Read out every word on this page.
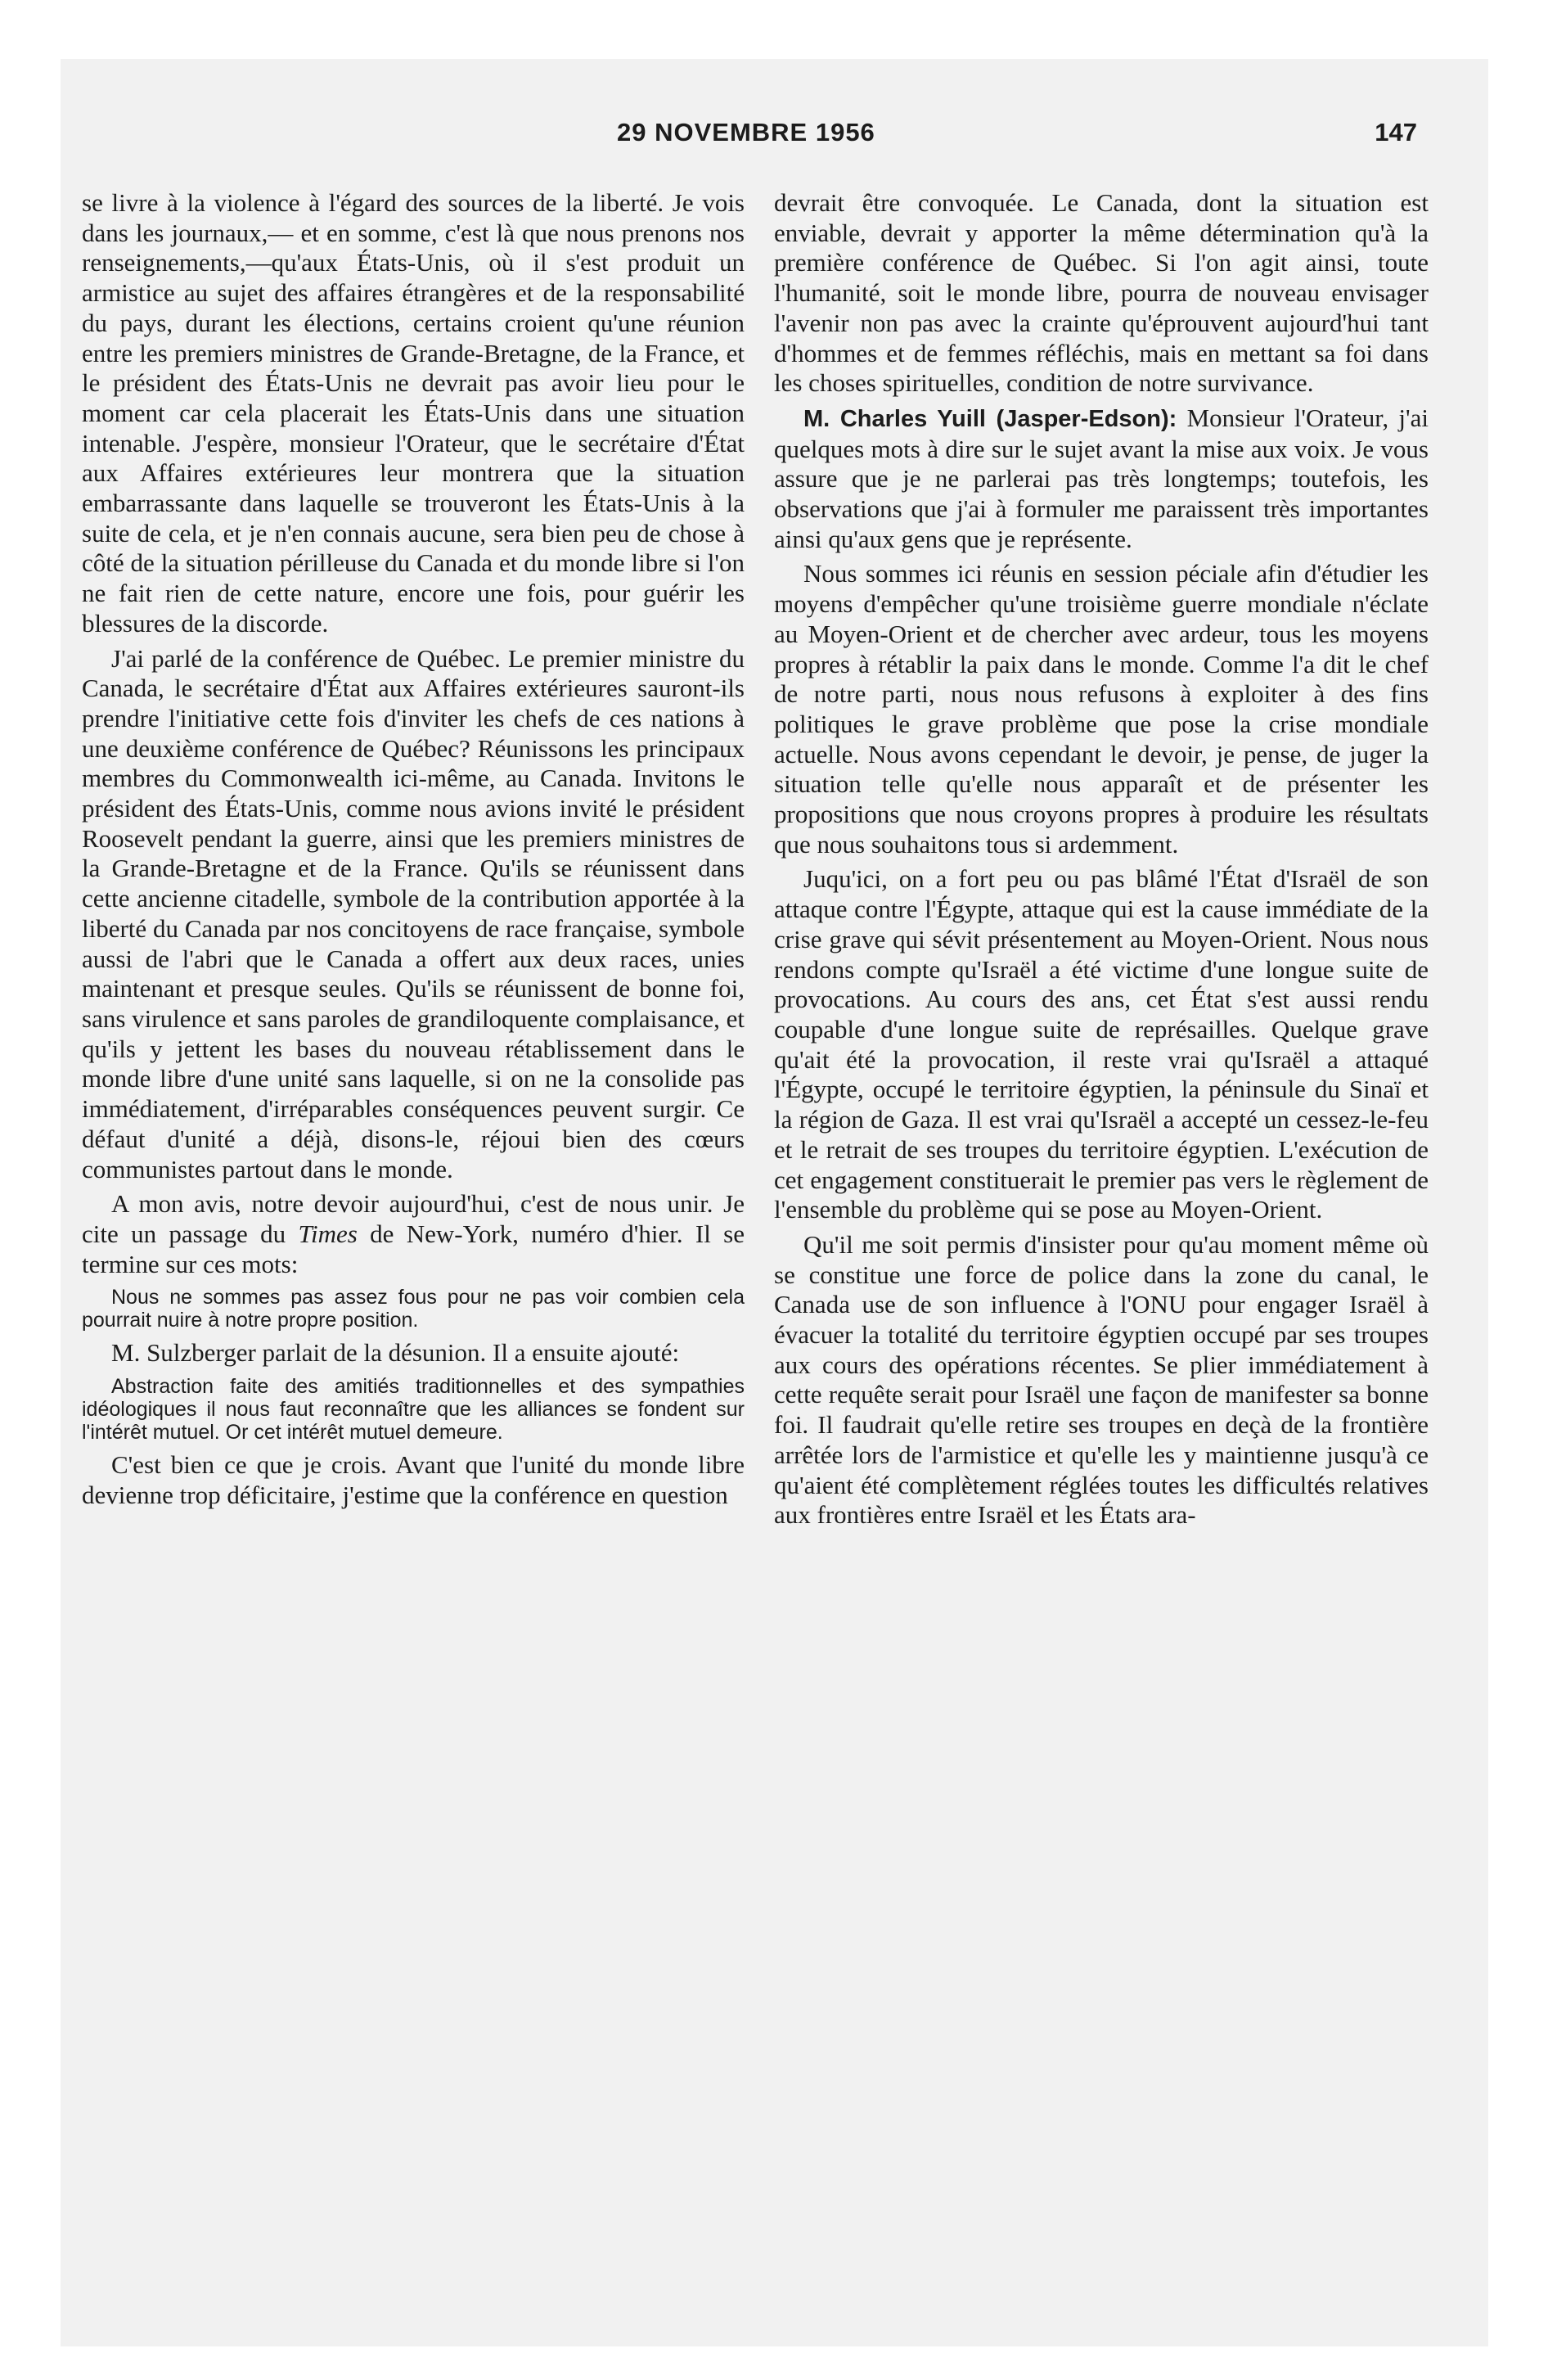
29 NOVEMBRE 1956	147

se livre à la violence à l'égard des sources de la liberté. Je vois dans les journaux,— et en somme, c'est là que nous prenons nos renseignements,—qu'aux États-Unis, où il s'est produit un armistice au sujet des affaires étrangères et de la responsabilité du pays, durant les élections, certains croient qu'une réunion entre les premiers ministres de Grande-Bretagne, de la France, et le président des États-Unis ne devrait pas avoir lieu pour le moment car cela placerait les États-Unis dans une situation intenable. J'espère, monsieur l'Orateur, que le secrétaire d'État aux Affaires extérieures leur montrera que la situation embarrassante dans laquelle se trouveront les États-Unis à la suite de cela, et je n'en connais aucune, sera bien peu de chose à côté de la situation périlleuse du Canada et du monde libre si l'on ne fait rien de cette nature, encore une fois, pour guérir les blessures de la discorde.

J'ai parlé de la conférence de Québec. Le premier ministre du Canada, le secrétaire d'État aux Affaires extérieures sauront-ils prendre l'initiative cette fois d'inviter les chefs de ces nations à une deuxième conférence de Québec? Réunissons les principaux membres du Commonwealth ici-même, au Canada. Invitons le président des États-Unis, comme nous avions invité le président Roosevelt pendant la guerre, ainsi que les premiers ministres de la Grande-Bretagne et de la France. Qu'ils se réunissent dans cette ancienne citadelle, symbole de la contribution apportée à la liberté du Canada par nos concitoyens de race française, symbole aussi de l'abri que le Canada a offert aux deux races, unies maintenant et presque seules. Qu'ils se réunissent de bonne foi, sans virulence et sans paroles de grandiloquente complaisance, et qu'ils y jettent les bases du nouveau rétablissement dans le monde libre d'une unité sans laquelle, si on ne la consolide pas immédiatement, d'irréparables conséquences peuvent surgir. Ce défaut d'unité a déjà, disons-le, réjoui bien des cœurs communistes partout dans le monde.

A mon avis, notre devoir aujourd'hui, c'est de nous unir. Je cite un passage du Times de New-York, numéro d'hier. Il se termine sur ces mots:

Nous ne sommes pas assez fous pour ne pas voir combien cela pourrait nuire à notre propre position.

M. Sulzberger parlait de la désunion. Il a ensuite ajouté:

Abstraction faite des amitiés traditionnelles et des sympathies idéologiques il nous faut reconnaître que les alliances se fondent sur l'intérêt mutuel. Or cet intérêt mutuel demeure.

C'est bien ce que je crois. Avant que l'unité du monde libre devienne trop déficitaire, j'estime que la conférence en question

devrait être convoquée. Le Canada, dont la situation est enviable, devrait y apporter la même détermination qu'à la première conférence de Québec. Si l'on agit ainsi, toute l'humanité, soit le monde libre, pourra de nouveau envisager l'avenir non pas avec la crainte qu'éprouvent aujourd'hui tant d'hommes et de femmes réfléchis, mais en mettant sa foi dans les choses spirituelles, condition de notre survivance.

M. Charles Yuill (Jasper-Edson): Monsieur l'Orateur, j'ai quelques mots à dire sur le sujet avant la mise aux voix. Je vous assure que je ne parlerai pas très longtemps; toutefois, les observations que j'ai à formuler me paraissent très importantes ainsi qu'aux gens que je représente.

Nous sommes ici réunis en session péciale afin d'étudier les moyens d'empêcher qu'une troisième guerre mondiale n'éclate au Moyen-Orient et de chercher avec ardeur, tous les moyens propres à rétablir la paix dans le monde. Comme l'a dit le chef de notre parti, nous nous refusons à exploiter à des fins politiques le grave problème que pose la crise mondiale actuelle. Nous avons cependant le devoir, je pense, de juger la situation telle qu'elle nous apparaît et de présenter les propositions que nous croyons propres à produire les résultats que nous souhaitons tous si ardemment.

Juqu'ici, on a fort peu ou pas blâmé l'État d'Israël de son attaque contre l'Égypte, attaque qui est la cause immédiate de la crise grave qui sévit présentement au Moyen-Orient. Nous nous rendons compte qu'Israël a été victime d'une longue suite de provocations. Au cours des ans, cet État s'est aussi rendu coupable d'une longue suite de représailles. Quelque grave qu'ait été la provocation, il reste vrai qu'Israël a attaqué l'Égypte, occupé le territoire égyptien, la péninsule du Sinaï et la région de Gaza. Il est vrai qu'Israël a accepté un cessez-le-feu et le retrait de ses troupes du territoire égyptien. L'exécution de cet engagement constituerait le premier pas vers le règlement de l'ensemble du problème qui se pose au Moyen-Orient.

Qu'il me soit permis d'insister pour qu'au moment même où se constitue une force de police dans la zone du canal, le Canada use de son influence à l'ONU pour engager Israël à évacuer la totalité du territoire égyptien occupé par ses troupes aux cours des opérations récentes. Se plier immédiatement à cette requête serait pour Israël une façon de manifester sa bonne foi. Il faudrait qu'elle retire ses troupes en deçà de la frontière arrêtée lors de l'armistice et qu'elle les y maintienne jusqu'à ce qu'aient été complètement réglées toutes les difficultés relatives aux frontières entre Israël et les États ara-
